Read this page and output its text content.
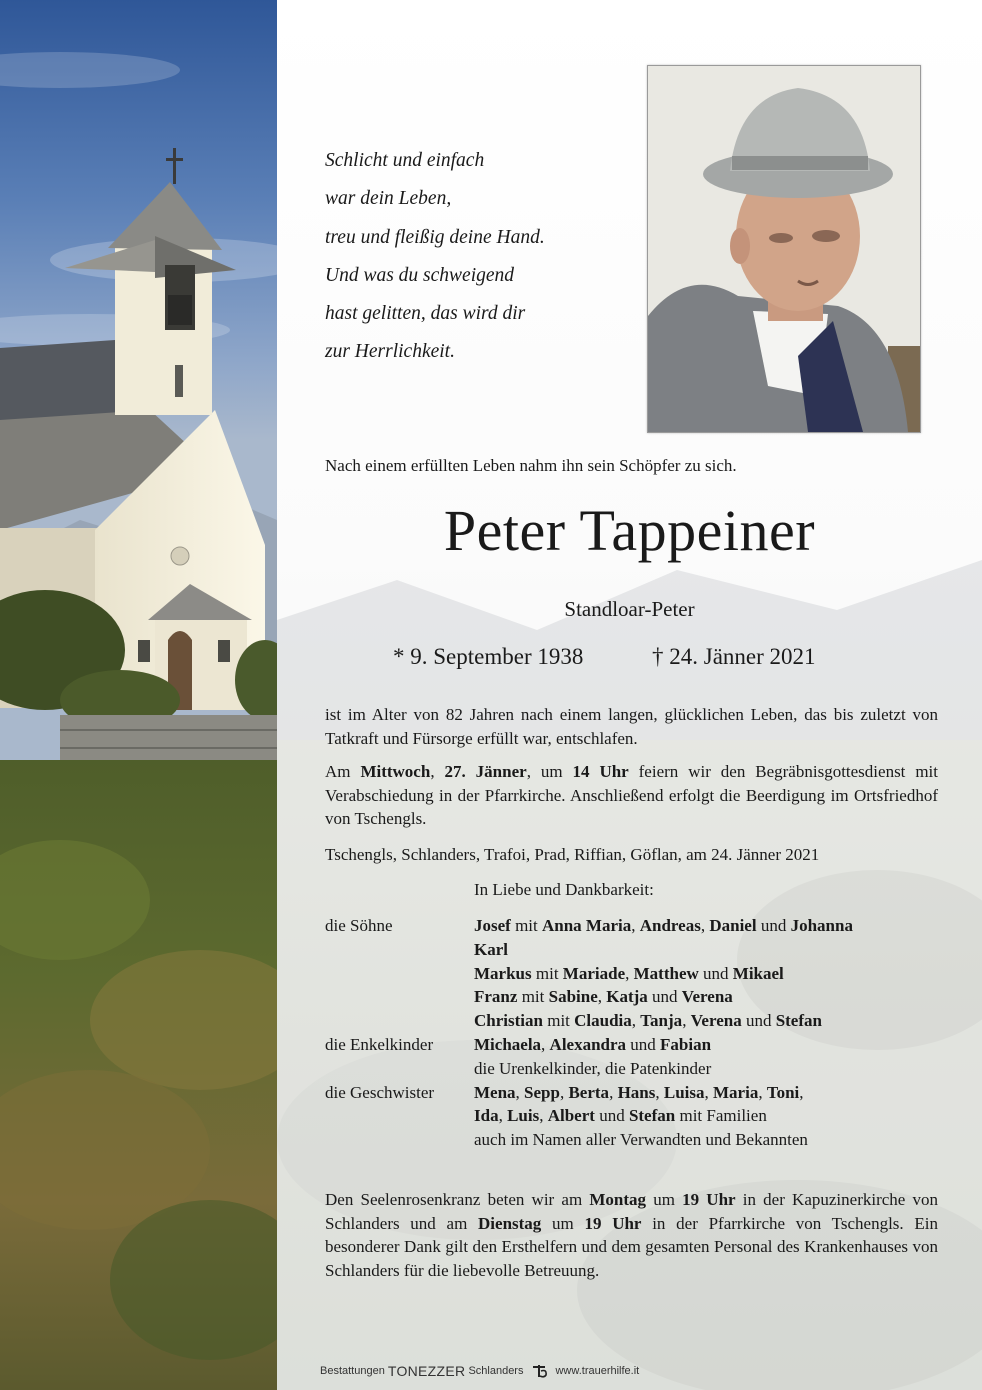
Schlicht und einfach
war dein Leben,
treu und fleißig deine Hand.
Und was du schweigend
hast gelitten, das wird dir
zur Herrlichkeit.
Nach einem erfüllten Leben nahm ihn sein Schöpfer zu sich.
Peter Tappeiner
Standloar-Peter
* 9. September 1938	† 24. Jänner 2021

ist im Alter von 82 Jahren nach einem langen, glücklichen Leben, das bis zuletzt von Tatkraft und Fürsorge erfüllt war, entschlafen.

Am Mittwoch, 27. Jänner, um 14 Uhr feiern wir den Begräbnisgottesdienst mit Verabschiedung in der Pfarrkirche. Anschließend erfolgt die Beerdigung im Ortsfriedhof von Tschengls.

Tschengls, Schlanders, Trafoi, Prad, Riffian, Göflan, am 24. Jänner 2021
In Liebe und Dankbarkeit:
die Söhne	Josef mit Anna Maria, Andreas, Daniel und Johanna
Karl
Markus mit Mariade, Matthew und Mikael
Franz mit Sabine, Katja und Verena
Christian mit Claudia, Tanja, Verena und Stefan
die Enkelkinder Michaela, Alexandra und Fabian
die Urenkelkinder, die Patenkinder
die Geschwister Mena, Sepp, Berta, Hans, Luisa, Maria, Toni,
Ida, Luis, Albert und Stefan mit Familien
auch im Namen aller Verwandten und Bekannten

Den Seelenrosenkranz beten wir am Montag um 19 Uhr in der Kapuzinerkirche von Schlanders und am Dienstag um 19 Uhr in der Pfarrkirche von Tschengls. Ein besonderer Dank gilt den Ersthelfern und dem gesamten Personal des Krankenhauses von Schlanders für die liebevolle Betreuung.

Bestattungen TONEZZER Schlanders	www.trauerhilfe.it
